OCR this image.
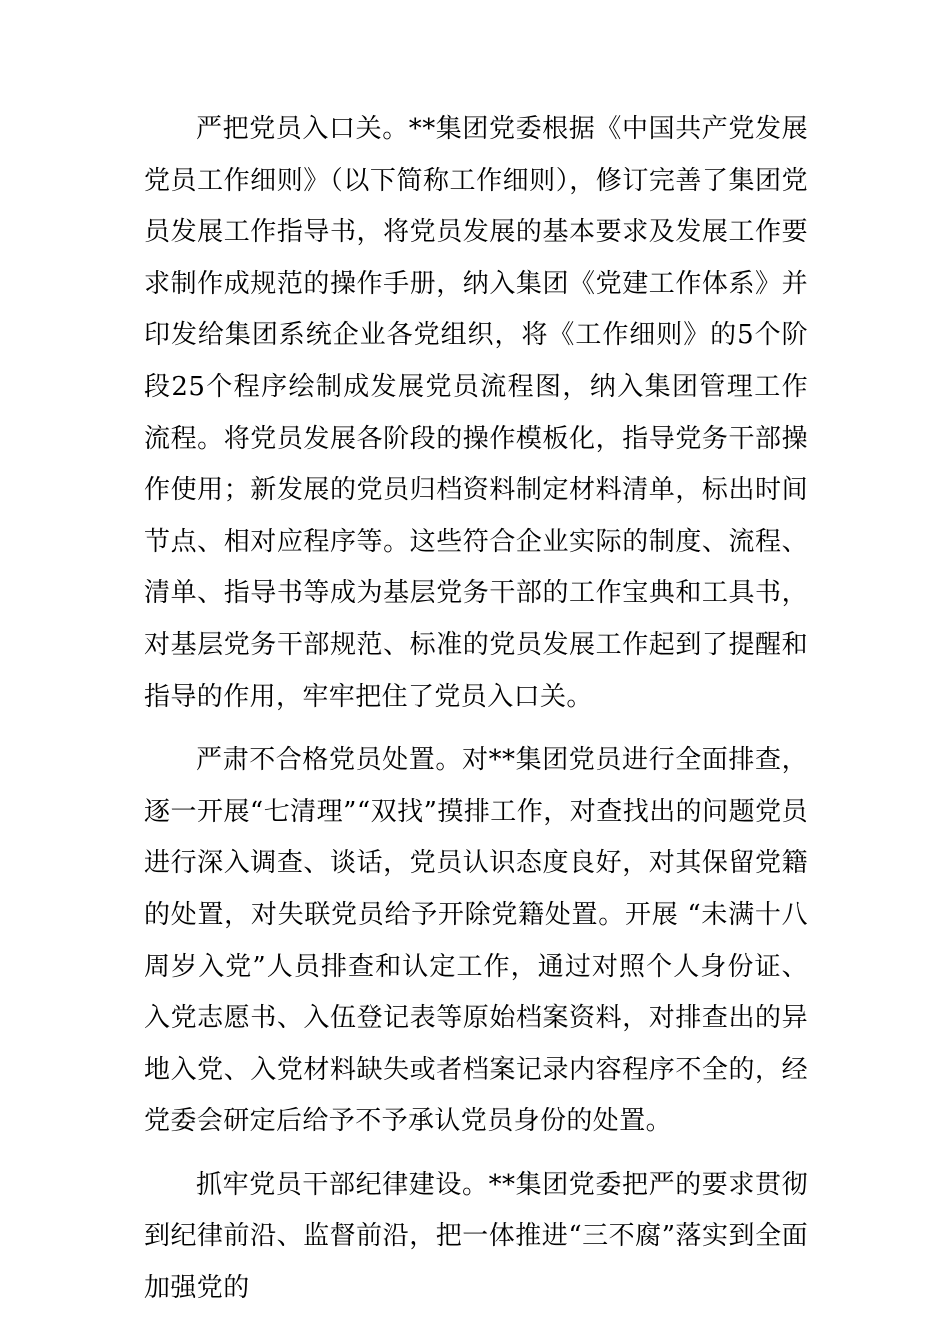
严把党员入口关。**集团党委根据《中国共产党发展党员工作细则》（以下简称工作细则），修订完善了集团党员发展工作指导书，将党员发展的基本要求及发展工作要求制作成规范的操作手册，纳入集团《党建工作体系》并印发给集团系统企业各党组织，将《工作细则》的5个阶段25个程序绘制成发展党员流程图，纳入集团管理工作流程。将党员发展各阶段的操作模板化，指导党务干部操作使用；新发展的党员归档资料制定材料清单，标出时间节点、相对应程序等。这些符合企业实际的制度、流程、清单、指导书等成为基层党务干部的工作宝典和工具书，对基层党务干部规范、标准的党员发展工作起到了提醒和指导的作用，牢牢把住了党员入口关。

严肃不合格党员处置。对**集团党员进行全面排查，逐一开展“七清理”“双找”摸排工作，对查找出的问题党员进行深入调查、谈话，党员认识态度良好，对其保留党籍的处置，对失联党员给予开除党籍处置。开展 “未满十八周岁入党”人员排查和认定工作，通过对照个人身份证、入党志愿书、入伍登记表等原始档案资料，对排查出的异地入党、入党材料缺失或者档案记录内容程序不全的，经党委会研定后给予不予承认党员身份的处置。

抓牢党员干部纪律建设。**集团党委把严的要求贯彻到纪律前沿、监督前沿，把一体推进“三不腐”落实到全面加强党的
